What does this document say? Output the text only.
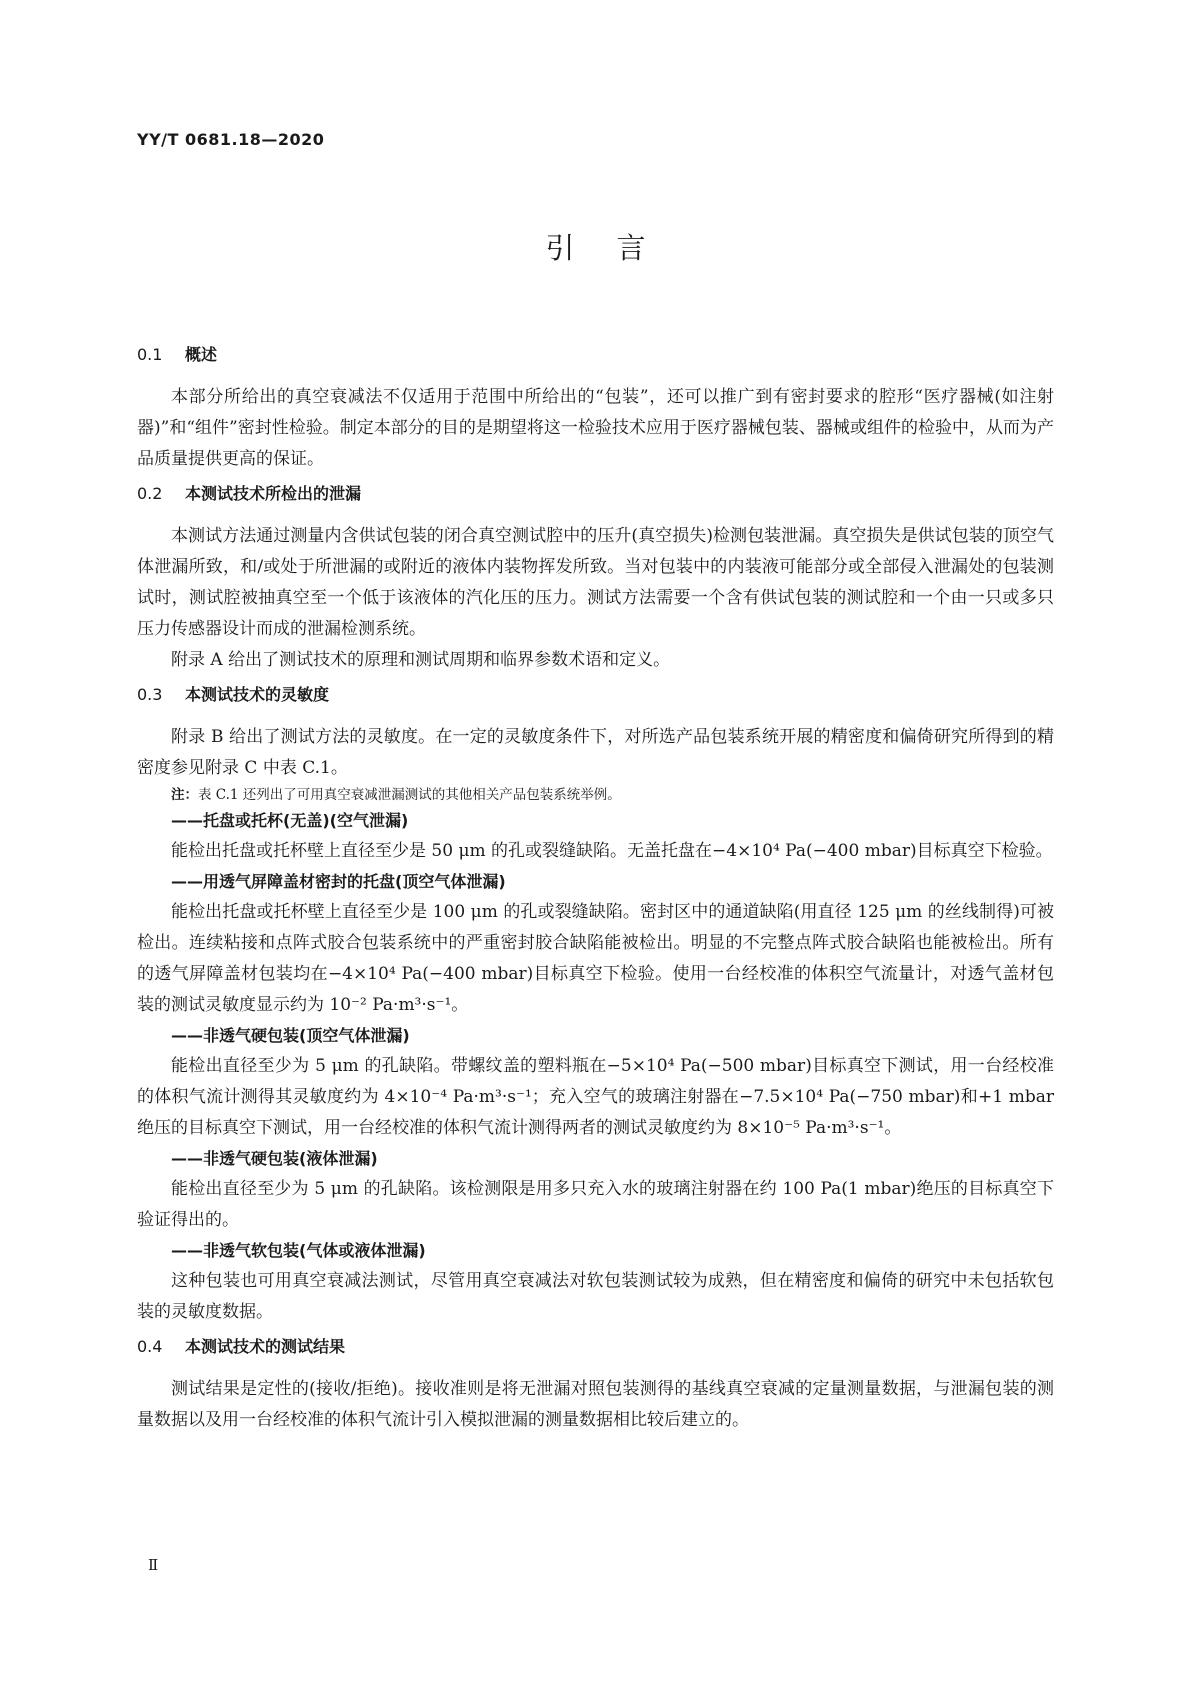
YY/T 0681.18—2020

引言
0.1	概述

本部分所给出的真空衰减法不仅适用于范围中所给出的“包装”，还可以推广到有密封要求的腔形“医疗器械(如注射器)”和“组件”密封性检验。制定本部分的目的是期望将这一检验技术应用于医疗器械包装、器械或组件的检验中，从而为产品质量提供更高的保证。

0.2	本测试技术所检出的泄漏

本测试方法通过测量内含供试包装的闭合真空测试腔中的压升(真空损失)检测包装泄漏。真空损失是供试包装的顶空气体泄漏所致，和/或处于所泄漏的或附近的液体内装物挥发所致。当对包装中的内装液可能部分或全部侵入泄漏处的包装测试时，测试腔被抽真空至一个低于该液体的汽化压的压力。测试方法需要一个含有供试包装的测试腔和一个由一只或多只压力传感器设计而成的泄漏检测系统。

附录 A 给出了测试技术的原理和测试周期和临界参数术语和定义。

0.3	本测试技术的灵敏度

附录 B 给出了测试方法的灵敏度。在一定的灵敏度条件下，对所选产品包装系统开展的精密度和偏倚研究所得到的精密度参见附录 C 中表 C.1。

注：表 C.1 还列出了可用真空衰减泄漏测试的其他相关产品包装系统举例。

——托盘或托杯(无盖)(空气泄漏)

能检出托盘或托杯壁上直径至少是 50 μm 的孔或裂缝缺陷。无盖托盘在−4×10⁴ Pa(−400 mbar)目标真空下检验。

——用透气屏障盖材密封的托盘(顶空气体泄漏)

能检出托盘或托杯壁上直径至少是 100 μm 的孔或裂缝缺陷。密封区中的通道缺陷(用直径 125 μm 的丝线制得)可被检出。连续粘接和点阵式胶合包装系统中的严重密封胶合缺陷能被检出。明显的不完整点阵式胶合缺陷也能被检出。所有的透气屏障盖材包装均在−4×10⁴ Pa(−400 mbar)目标真空下检验。使用一台经校准的体积空气流量计，对透气盖材包装的测试灵敏度显示约为 10⁻² Pa·m³·s⁻¹。

——非透气硬包装(顶空气体泄漏)

能检出直径至少为 5 μm 的孔缺陷。带螺纹盖的塑料瓶在−5×10⁴ Pa(−500 mbar)目标真空下测试，用一台经校准的体积气流计测得其灵敏度约为 4×10⁻⁴ Pa·m³·s⁻¹；充入空气的玻璃注射器在−7.5×10⁴ Pa(−750 mbar)和+1 mbar 绝压的目标真空下测试，用一台经校准的体积气流计测得两者的测试灵敏度约为 8×10⁻⁵ Pa·m³·s⁻¹。

——非透气硬包装(液体泄漏)

能检出直径至少为 5 μm 的孔缺陷。该检测限是用多只充入水的玻璃注射器在约 100 Pa(1 mbar)绝压的目标真空下验证得出的。

——非透气软包装(气体或液体泄漏)

这种包装也可用真空衰减法测试，尽管用真空衰减法对软包装测试较为成熟，但在精密度和偏倚的研究中未包括软包装的灵敏度数据。

0.4	本测试技术的测试结果

测试结果是定性的(接收/拒绝)。接收准则是将无泄漏对照包装测得的基线真空衰减的定量测量数据，与泄漏包装的测量数据以及用一台经校准的体积气流计引入模拟泄漏的测量数据相比较后建立的。

Ⅱ
